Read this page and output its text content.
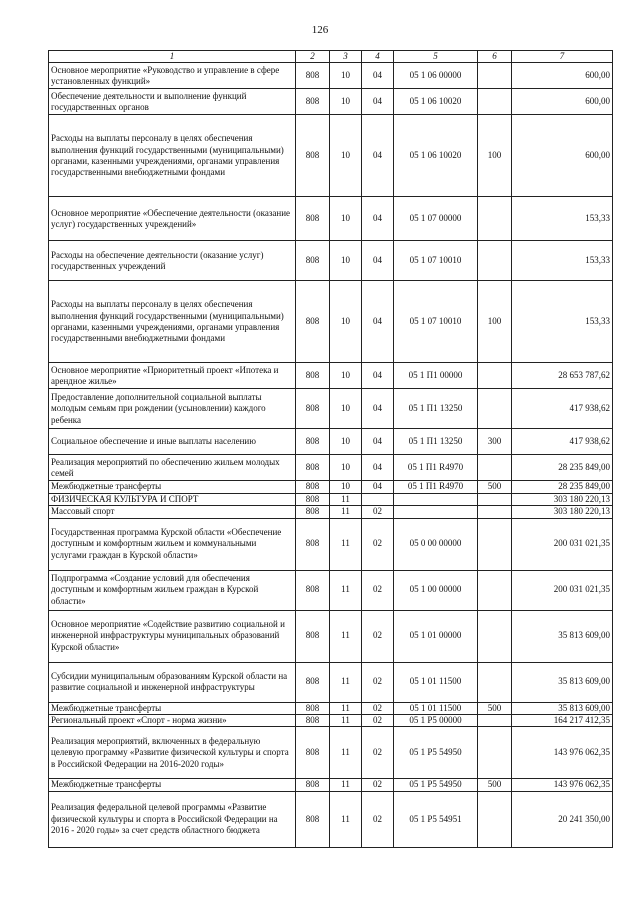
126
1	2	3	4	5	6	7
Основное мероприятие «Руководство и управление в сфере установленных функций»	808	10	04	05 1 06 00000		600,00
Обеспечение деятельности и выполнение функций государственных органов	808	10	04	05 1 06 10020		600,00
Расходы на выплаты персоналу в целях обеспечения выполнения функций государственными (муниципальными) органами, казенными учреждениями, органами управления государственными внебюджетными фондами	808	10	04	05 1 06 10020	100	600,00
Основное мероприятие «Обеспечение деятельности (оказание услуг) государственных учреждений»	808	10	04	05 1 07 00000		153,33
Расходы на обеспечение деятельности (оказание услуг) государственных учреждений	808	10	04	05 1 07 10010		153,33
Расходы на выплаты персоналу в целях обеспечения выполнения функций государственными (муниципальными) органами, казенными учреждениями, органами управления государственными внебюджетными фондами	808	10	04	05 1 07 10010	100	153,33
Основное мероприятие «Приоритетный проект «Ипотека и арендное жилье»	808	10	04	05 1 П1 00000		28 653 787,62
Предоставление дополнительной социальной выплаты молодым семьям при рождении (усыновлении) каждого ребенка	808	10	04	05 1 П1 13250		417 938,62
Социальное обеспечение и иные выплаты населению	808	10	04	05 1 П1 13250	300	417 938,62
Реализация мероприятий по обеспечению жильем молодых семей	808	10	04	05 1 П1 R4970		28 235 849,00
Межбюджетные трансферты	808	10	04	05 1 П1 R4970	500	28 235 849,00
ФИЗИЧЕСКАЯ КУЛЬТУРА И СПОРТ	808	11				303 180 220,13
Массовый спорт	808	11	02			303 180 220,13
Государственная программа Курской области «Обеспечение доступным и комфортным жильем и коммунальными услугами граждан в Курской области»	808	11	02	05 0 00 00000		200 031 021,35
Подпрограмма «Создание условий для обеспечения доступным и комфортным жильем граждан в Курской области»	808	11	02	05 1 00 00000		200 031 021,35
Основное мероприятие «Содействие развитию социальной и инженерной инфраструктуры муниципальных образований Курской области»	808	11	02	05 1 01 00000		35 813 609,00
Субсидии муниципальным образованиям Курской области на развитие социальной и инженерной инфраструктуры	808	11	02	05 1 01 11500		35 813 609,00
Межбюджетные трансферты	808	11	02	05 1 01 11500	500	35 813 609,00
Региональный проект «Спорт - норма жизни»	808	11	02	05 1 P5 00000		164 217 412,35
Реализация мероприятий, включенных в федеральную целевую программу «Развитие физической культуры и спорта в Российской Федерации на 2016-2020 годы»	808	11	02	05 1 P5 54950		143 976 062,35
Межбюджетные трансферты	808	11	02	05 1 P5 54950	500	143 976 062,35
Реализация федеральной целевой программы «Развитие физической культуры и спорта в Российской Федерации на 2016 - 2020 годы» за счет средств областного бюджета	808	11	02	05 1 P5 54951		20 241 350,00
